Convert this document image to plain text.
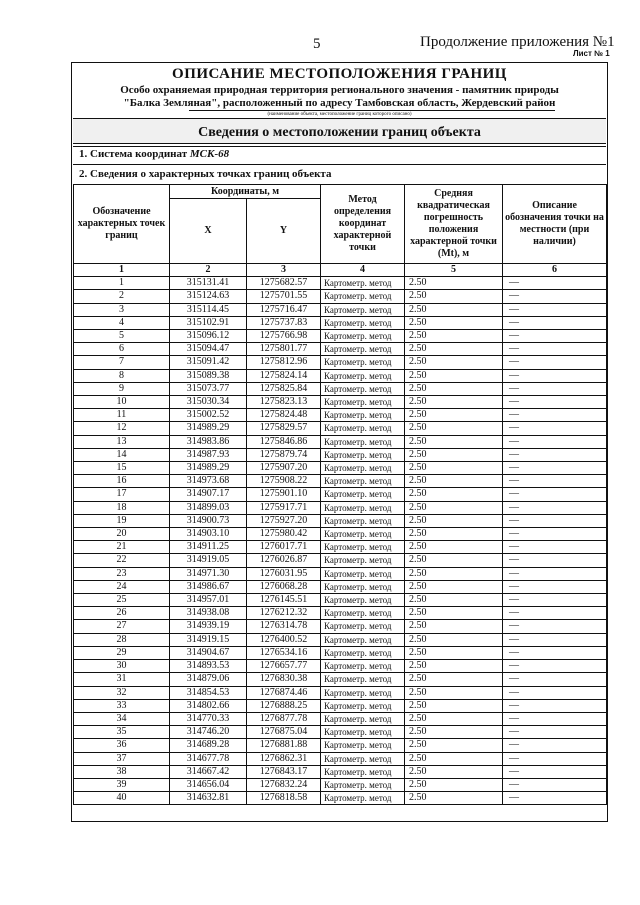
5	Продолжение приложения №1
Лист № 1
ОПИСАНИЕ МЕСТОПОЛОЖЕНИЯ ГРАНИЦ
Особо охраняемая природная территория регионального значения - памятник природы
"Балка Земляная", расположенный по адресу Тамбовская область, Жердевский район
(наименование объекта, местоположение границ которого описано)
Сведения о местоположении границ объекта
1. Система координат МСК-68
2. Сведения о характерных точках границ объекта
Обозначение характерных точек границ	Координаты, м		Метод определения координат характерной точки	Средняя квадратическая погрешность положения характерной точки (Mt), м	Описание обозначения точки на местности (при наличии)
	X	Y			
1	2	3	4	5	6
1	315131.41	1275682.57	Картометр. метод	2.50	—
2	315124.63	1275701.55	Картометр. метод	2.50	—
3	315114.45	1275716.47	Картометр. метод	2.50	—
4	315102.91	1275737.83	Картометр. метод	2.50	—
5	315096.12	1275766.98	Картометр. метод	2.50	—
6	315094.47	1275801.77	Картометр. метод	2.50	—
7	315091.42	1275812.96	Картометр. метод	2.50	—
8	315089.38	1275824.14	Картометр. метод	2.50	—
9	315073.77	1275825.84	Картометр. метод	2.50	—
10	315030.34	1275823.13	Картометр. метод	2.50	—
11	315002.52	1275824.48	Картометр. метод	2.50	—
12	314989.29	1275829.57	Картометр. метод	2.50	—
13	314983.86	1275846.86	Картометр. метод	2.50	—
14	314987.93	1275879.74	Картометр. метод	2.50	—
15	314989.29	1275907.20	Картометр. метод	2.50	—
16	314973.68	1275908.22	Картометр. метод	2.50	—
17	314907.17	1275901.10	Картометр. метод	2.50	—
18	314899.03	1275917.71	Картометр. метод	2.50	—
19	314900.73	1275927.20	Картометр. метод	2.50	—
20	314903.10	1275980.42	Картометр. метод	2.50	—
21	314911.25	1276017.71	Картометр. метод	2.50	—
22	314919.05	1276026.87	Картометр. метод	2.50	—
23	314971.30	1276031.95	Картометр. метод	2.50	—
24	314986.67	1276068.28	Картометр. метод	2.50	—
25	314957.01	1276145.51	Картометр. метод	2.50	—
26	314938.08	1276212.32	Картометр. метод	2.50	—
27	314939.19	1276314.78	Картометр. метод	2.50	—
28	314919.15	1276400.52	Картометр. метод	2.50	—
29	314904.67	1276534.16	Картометр. метод	2.50	—
30	314893.53	1276657.77	Картометр. метод	2.50	—
31	314879.06	1276830.38	Картометр. метод	2.50	—
32	314854.53	1276874.46	Картометр. метод	2.50	—
33	314802.66	1276888.25	Картометр. метод	2.50	—
34	314770.33	1276877.78	Картометр. метод	2.50	—
35	314746.20	1276875.04	Картометр. метод	2.50	—
36	314689.28	1276881.88	Картометр. метод	2.50	—
37	314677.78	1276862.31	Картометр. метод	2.50	—
38	314667.42	1276843.17	Картометр. метод	2.50	—
39	314656.04	1276832.24	Картометр. метод	2.50	—
40	314632.81	1276818.58	Картометр. метод	2.50	—
